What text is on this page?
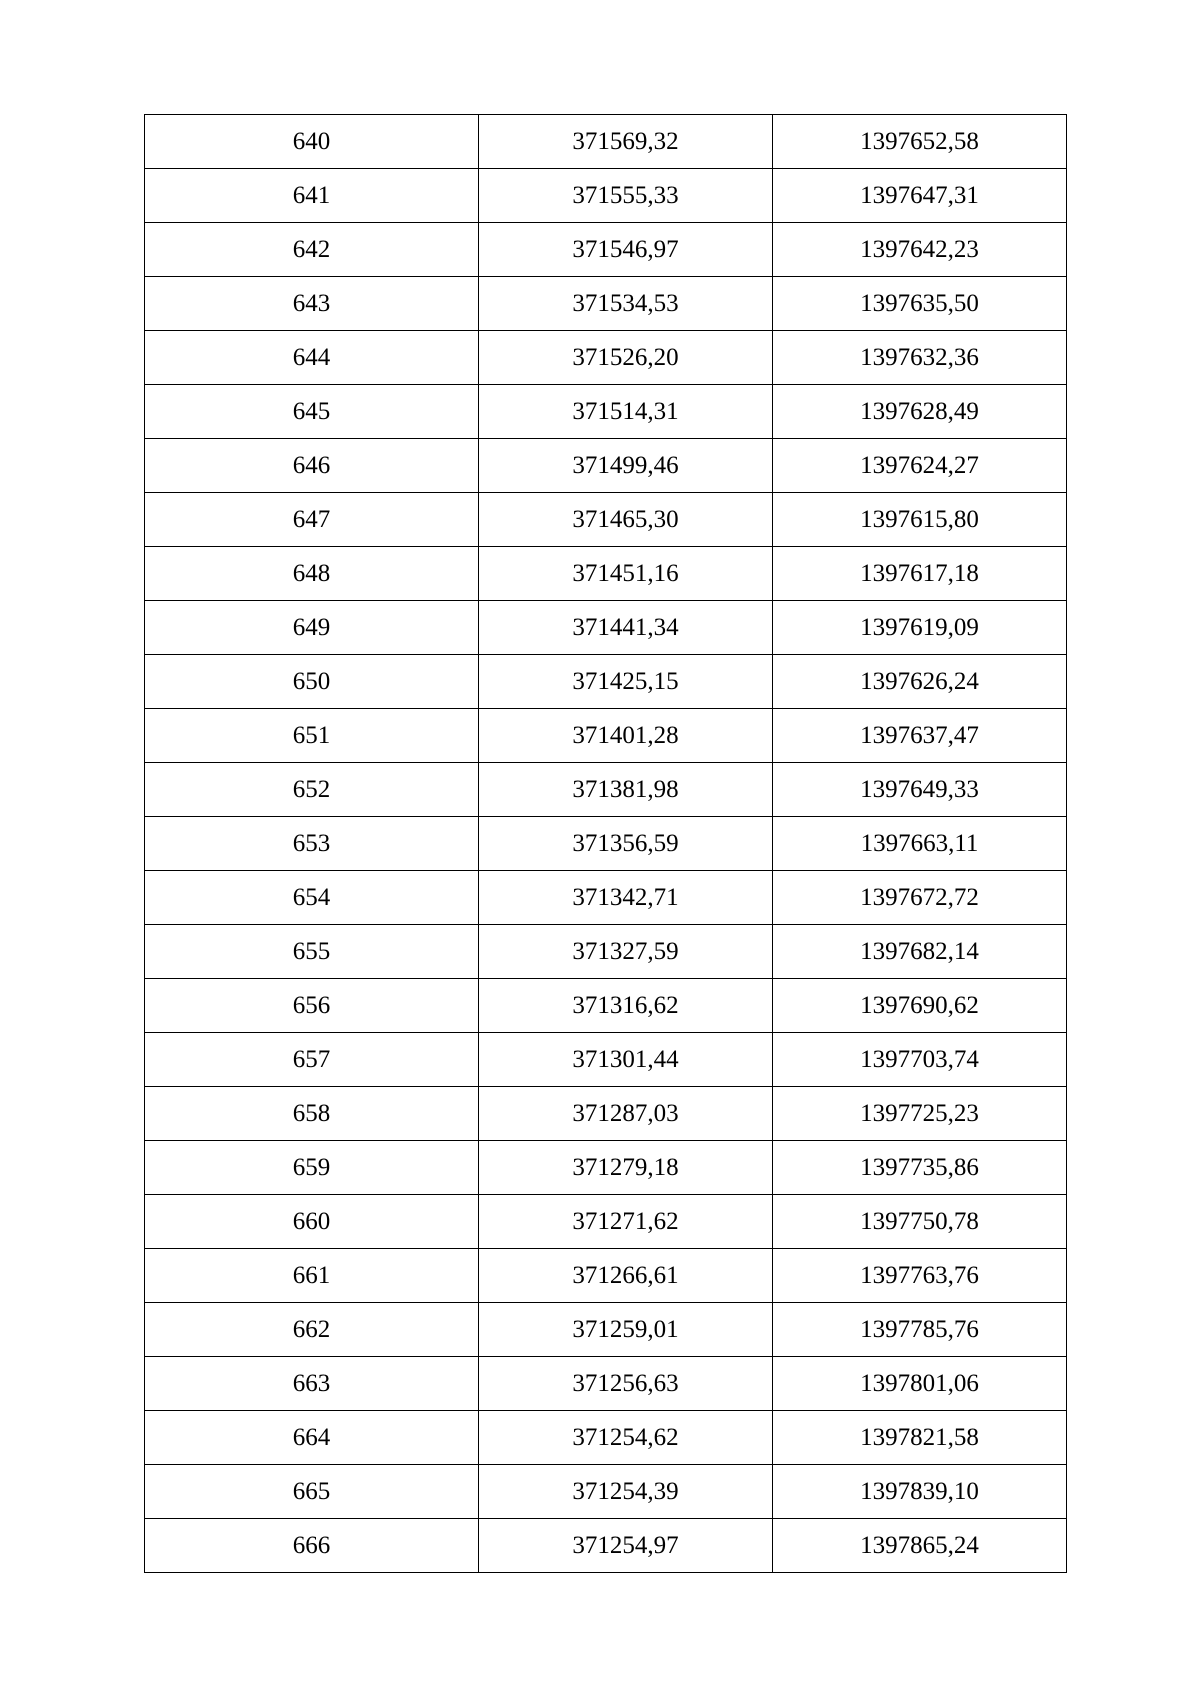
640	371569,32	1397652,58
641	371555,33	1397647,31
642	371546,97	1397642,23
643	371534,53	1397635,50
644	371526,20	1397632,36
645	371514,31	1397628,49
646	371499,46	1397624,27
647	371465,30	1397615,80
648	371451,16	1397617,18
649	371441,34	1397619,09
650	371425,15	1397626,24
651	371401,28	1397637,47
652	371381,98	1397649,33
653	371356,59	1397663,11
654	371342,71	1397672,72
655	371327,59	1397682,14
656	371316,62	1397690,62
657	371301,44	1397703,74
658	371287,03	1397725,23
659	371279,18	1397735,86
660	371271,62	1397750,78
661	371266,61	1397763,76
662	371259,01	1397785,76
663	371256,63	1397801,06
664	371254,62	1397821,58
665	371254,39	1397839,10
666	371254,97	1397865,24
